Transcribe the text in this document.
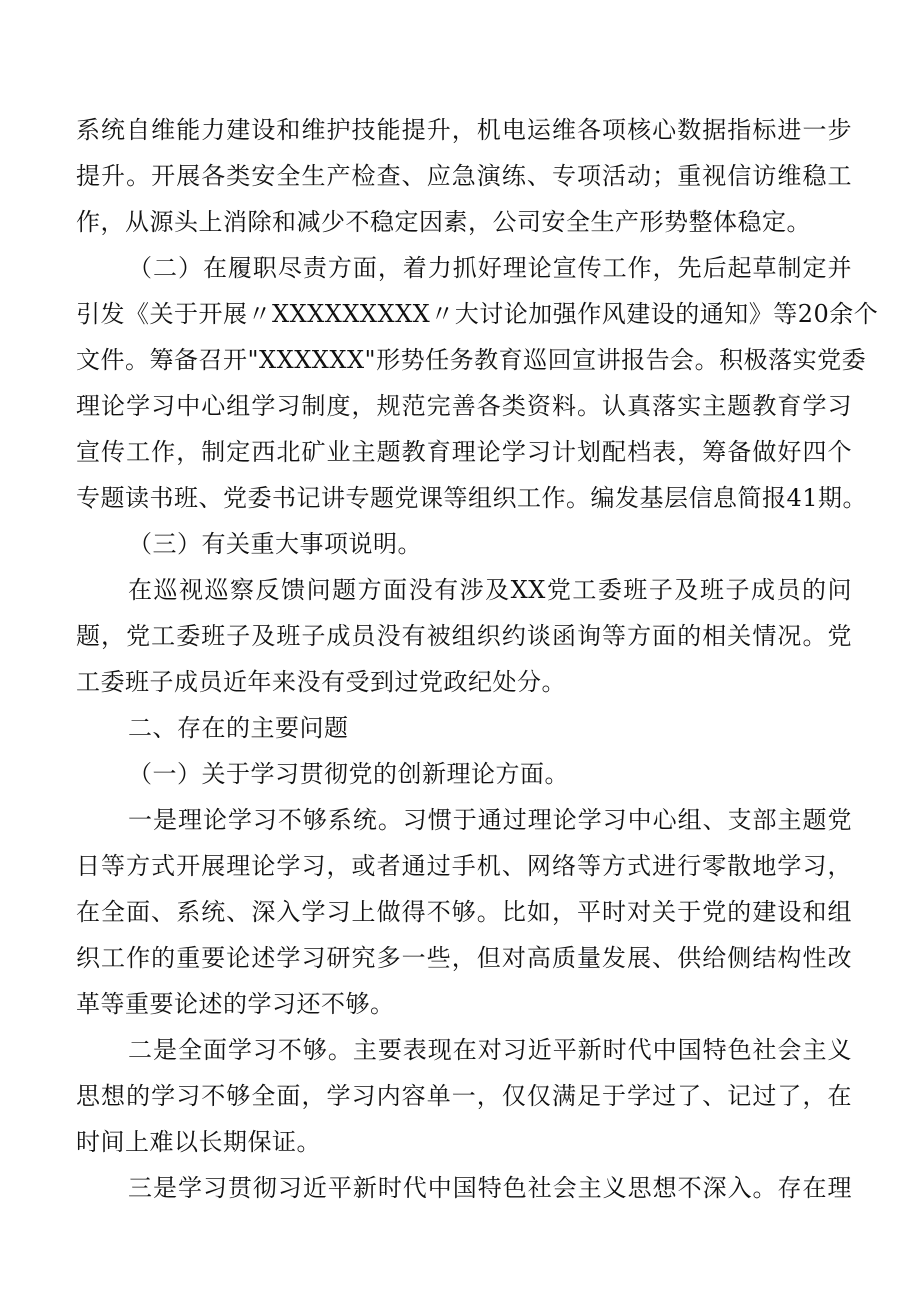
系统自维能力建设和维护技能提升，机电运维各项核心数据指标进一步
提升。开展各类安全生产检查、应急演练、专项活动；重视信访维稳工
作，从源头上消除和减少不稳定因素，公司安全生产形势整体稳定。
（二）在履职尽责方面，着力抓好理论宣传工作，先后起草制定并
引发《关于开展〃XXXXXXXXX〃大讨论加强作风建设的通知》等20余个
文件。筹备召开"XXXXXX"形势任务教育巡回宣讲报告会。积极落实党委
理论学习中心组学习制度，规范完善各类资料。认真落实主题教育学习
宣传工作，制定西北矿业主题教育理论学习计划配档表，筹备做好四个
专题读书班、党委书记讲专题党课等组织工作。编发基层信息简报41期。
（三）有关重大事项说明。
在巡视巡察反馈问题方面没有涉及XX党工委班子及班子成员的问
题，党工委班子及班子成员没有被组织约谈函询等方面的相关情况。党
工委班子成员近年来没有受到过党政纪处分。
二、存在的主要问题
（一）关于学习贯彻党的创新理论方面。
一是理论学习不够系统。习惯于通过理论学习中心组、支部主题党
日等方式开展理论学习，或者通过手机、网络等方式进行零散地学习，
在全面、系统、深入学习上做得不够。比如，平时对关于党的建设和组
织工作的重要论述学习研究多一些，但对高质量发展、供给侧结构性改
革等重要论述的学习还不够。
二是全面学习不够。主要表现在对习近平新时代中国特色社会主义
思想的学习不够全面，学习内容单一，仅仅满足于学过了、记过了，在
时间上难以长期保证。
三是学习贯彻习近平新时代中国特色社会主义思想不深入。存在理
